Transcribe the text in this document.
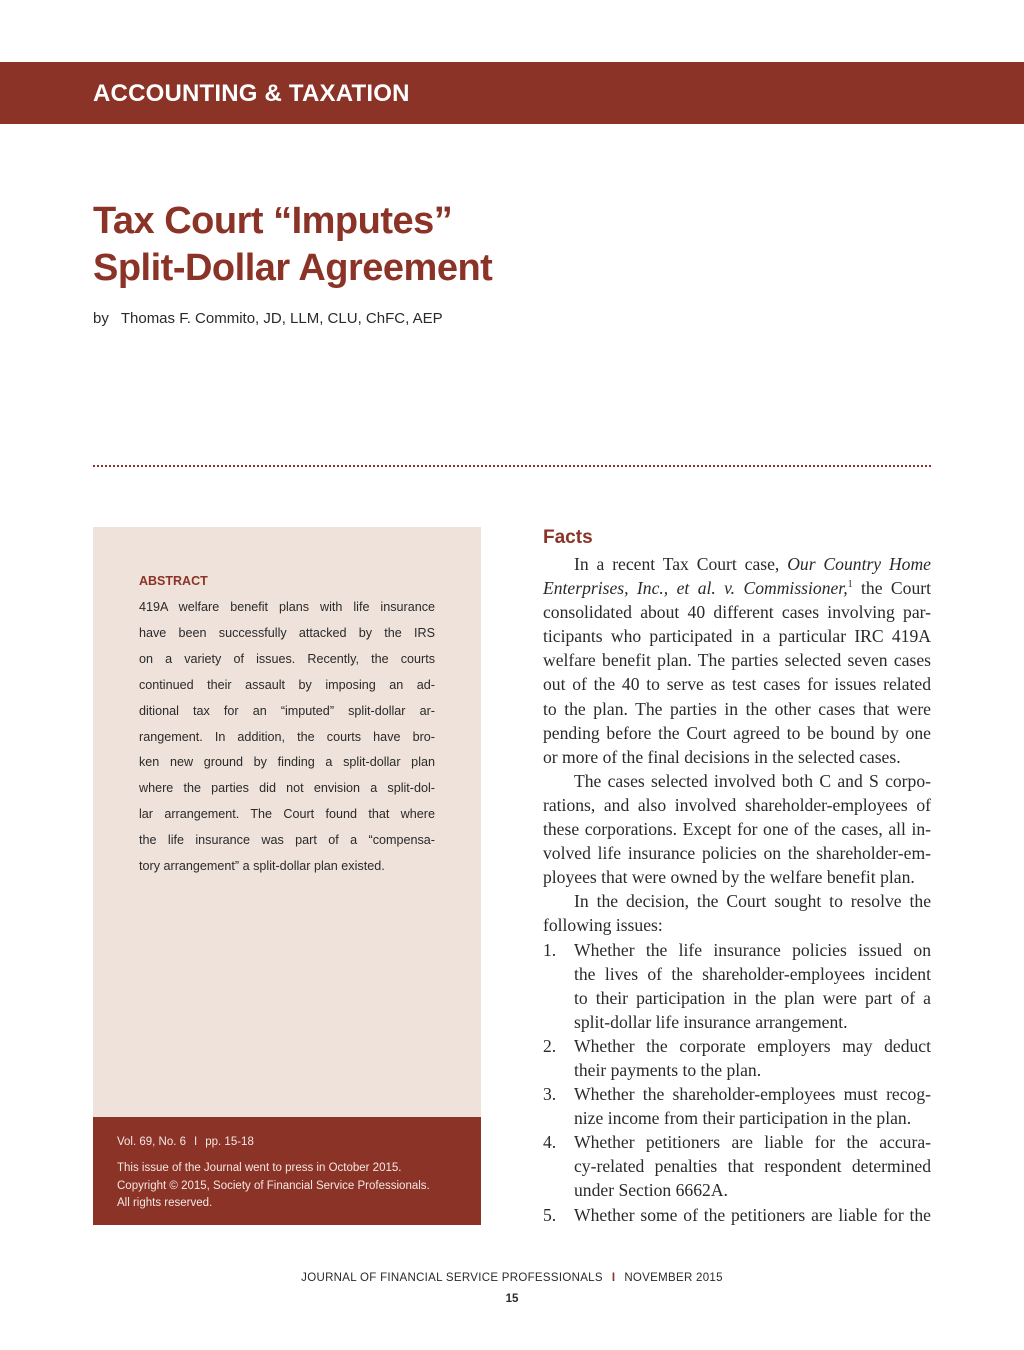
ACCOUNTING & TAXATION
Tax Court “Imputes”
Split-Dollar Agreement

by Thomas F. Commito, JD, LLM, CLU, ChFC, AEP

ABSTRACT

419A welfare benefit plans with life insurance
have been successfully attacked by the IRS
on a variety of issues. Recently, the courts
continued their assault by imposing an ad-
ditional tax for an “imputed” split-dollar ar-
rangement. In addition, the courts have bro-
ken new ground by finding a split-dollar plan
where the parties did not envision a split-dol-
lar arrangement. The Court found that where
the life insurance was part of a “compensa-
tory arrangement” a split-dollar plan existed.

Vol. 69, No. 6 I pp. 15-18

This issue of the Journal went to press in October 2015.
Copyright © 2015, Society of Financial Service Professionals.
All rights reserved.

Facts
In a recent Tax Court case, Our Country Home
Enterprises, Inc., et al. v. Commissioner,$^1$ the Court
consolidated about 40 different cases involving par-
ticipants who participated in a particular IRC 419A
welfare benefit plan. The parties selected seven cases
out of the 40 to serve as test cases for issues related
to the plan. The parties in the other cases that were
pending before the Court agreed to be bound by one
or more of the final decisions in the selected cases.
The cases selected involved both C and S corpo-
rations, and also involved shareholder-employees of
these corporations. Except for one of the cases, all in-
volved life insurance policies on the shareholder-em-
ployees that were owned by the welfare benefit plan.
In the decision, the Court sought to resolve the
following issues:
1.	Whether the life insurance policies issued on
the lives of the shareholder-employees incident
to their participation in the plan were part of a
split-dollar life insurance arrangement.
2.	Whether the corporate employers may deduct
their payments to the plan.
3.	Whether the shareholder-employees must recog-
nize income from their participation in the plan.
4.	Whether petitioners are liable for the accura-
cy-related penalties that respondent determined
under Section 6662A.
5.	Whether some of the petitioners are liable for the

JOURNAL OF FINANCIAL SERVICE PROFESSIONALS I NOVEMBER 2015

15
